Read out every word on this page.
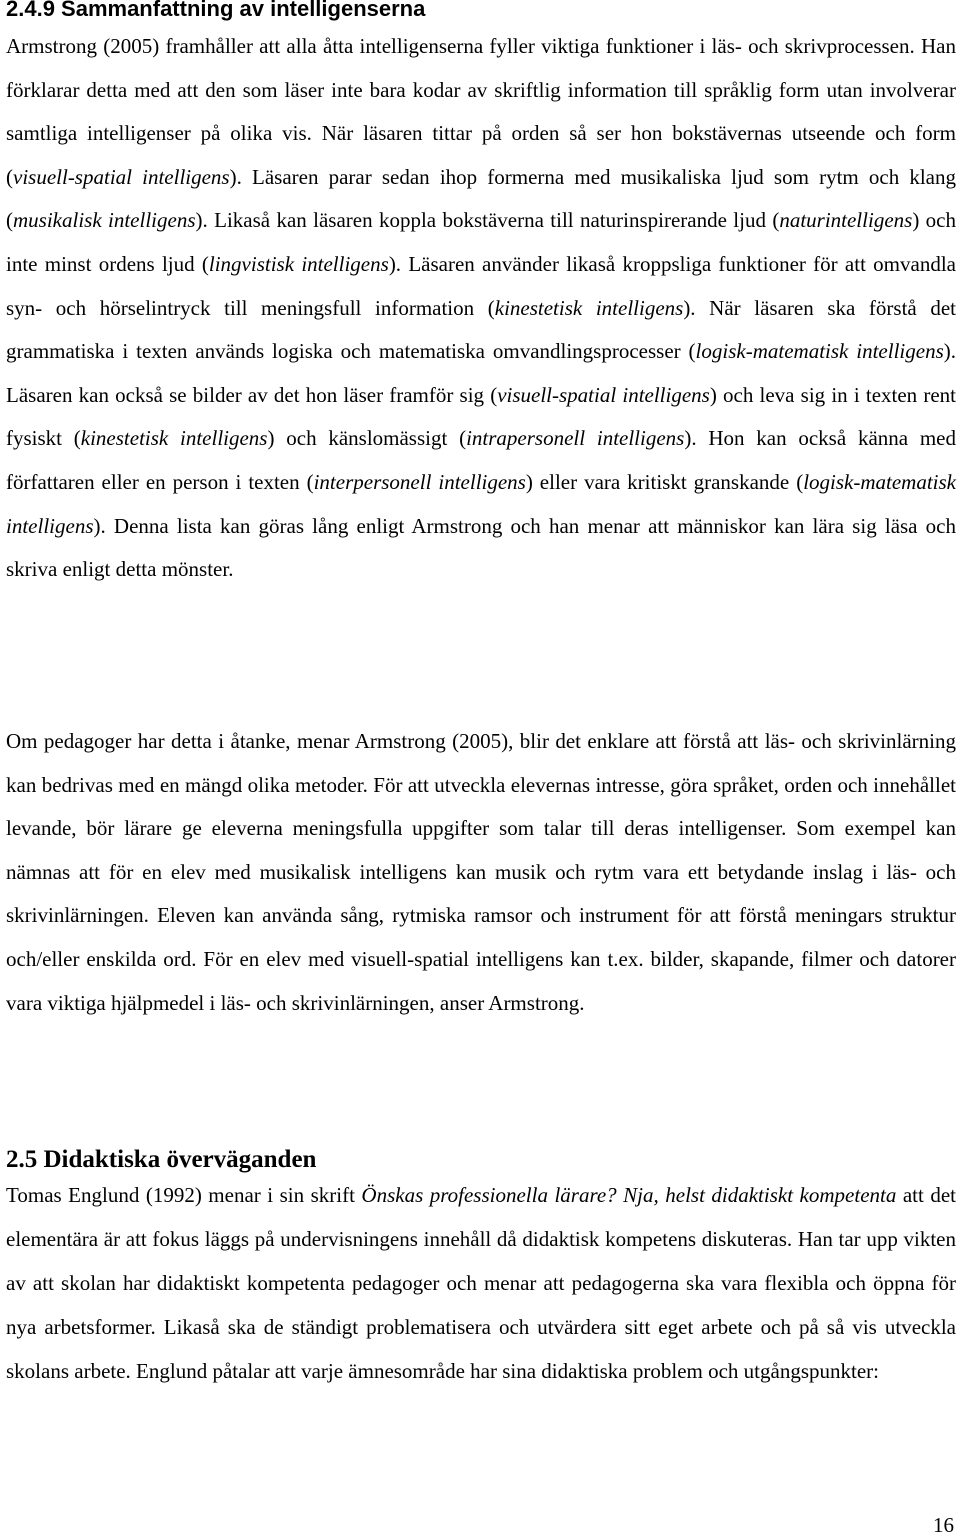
2.4.9 Sammanfattning av intelligenserna

Armstrong (2005) framhåller att alla åtta intelligenserna fyller viktiga funktioner i läs- och skrivprocessen. Han förklarar detta med att den som läser inte bara kodar av skriftlig information till språklig form utan involverar samtliga intelligenser på olika vis. När läsaren tittar på orden så ser hon bokstävernas utseende och form (visuell-spatial intelligens). Läsaren parar sedan ihop formerna med musikaliska ljud som rytm och klang (musikalisk intelligens). Likaså kan läsaren koppla bokstäverna till naturinspirerande ljud (naturintelligens) och inte minst ordens ljud (lingvistisk intelligens). Läsaren använder likaså kroppsliga funktioner för att omvandla syn- och hörselintryck till meningsfull information (kinestetisk intelligens). När läsaren ska förstå det grammatiska i texten används logiska och matematiska omvandlingsprocesser (logisk-matematisk intelligens). Läsaren kan också se bilder av det hon läser framför sig (visuell-spatial intelligens) och leva sig in i texten rent fysiskt (kinestetisk intelligens) och känslomässigt (intrapersonell intelligens). Hon kan också känna med författaren eller en person i texten (interpersonell intelligens) eller vara kritiskt granskande (logisk-matematisk intelligens). Denna lista kan göras lång enligt Armstrong och han menar att människor kan lära sig läsa och skriva enligt detta mönster.

Om pedagoger har detta i åtanke, menar Armstrong (2005), blir det enklare att förstå att läs- och skrivinlärning kan bedrivas med en mängd olika metoder. För att utveckla elevernas intresse, göra språket, orden och innehållet levande, bör lärare ge eleverna meningsfulla uppgifter som talar till deras intelligenser. Som exempel kan nämnas att för en elev med musikalisk intelligens kan musik och rytm vara ett betydande inslag i läs- och skrivinlärningen. Eleven kan använda sång, rytmiska ramsor och instrument för att förstå meningars struktur och/eller enskilda ord. För en elev med visuell-spatial intelligens kan t.ex. bilder, skapande, filmer och datorer vara viktiga hjälpmedel i läs- och skrivinlärningen, anser Armstrong.

2.5 Didaktiska överväganden

Tomas Englund (1992) menar i sin skrift Önskas professionella lärare? Nja, helst didaktiskt kompetenta att det elementära är att fokus läggs på undervisningens innehåll då didaktisk kompetens diskuteras. Han tar upp vikten av att skolan har didaktiskt kompetenta pedagoger och menar att pedagogerna ska vara flexibla och öppna för nya arbetsformer. Likaså ska de ständigt problematisera och utvärdera sitt eget arbete och på så vis utveckla skolans arbete. Englund påtalar att varje ämnesområde har sina didaktiska problem och utgångspunkter:

16
